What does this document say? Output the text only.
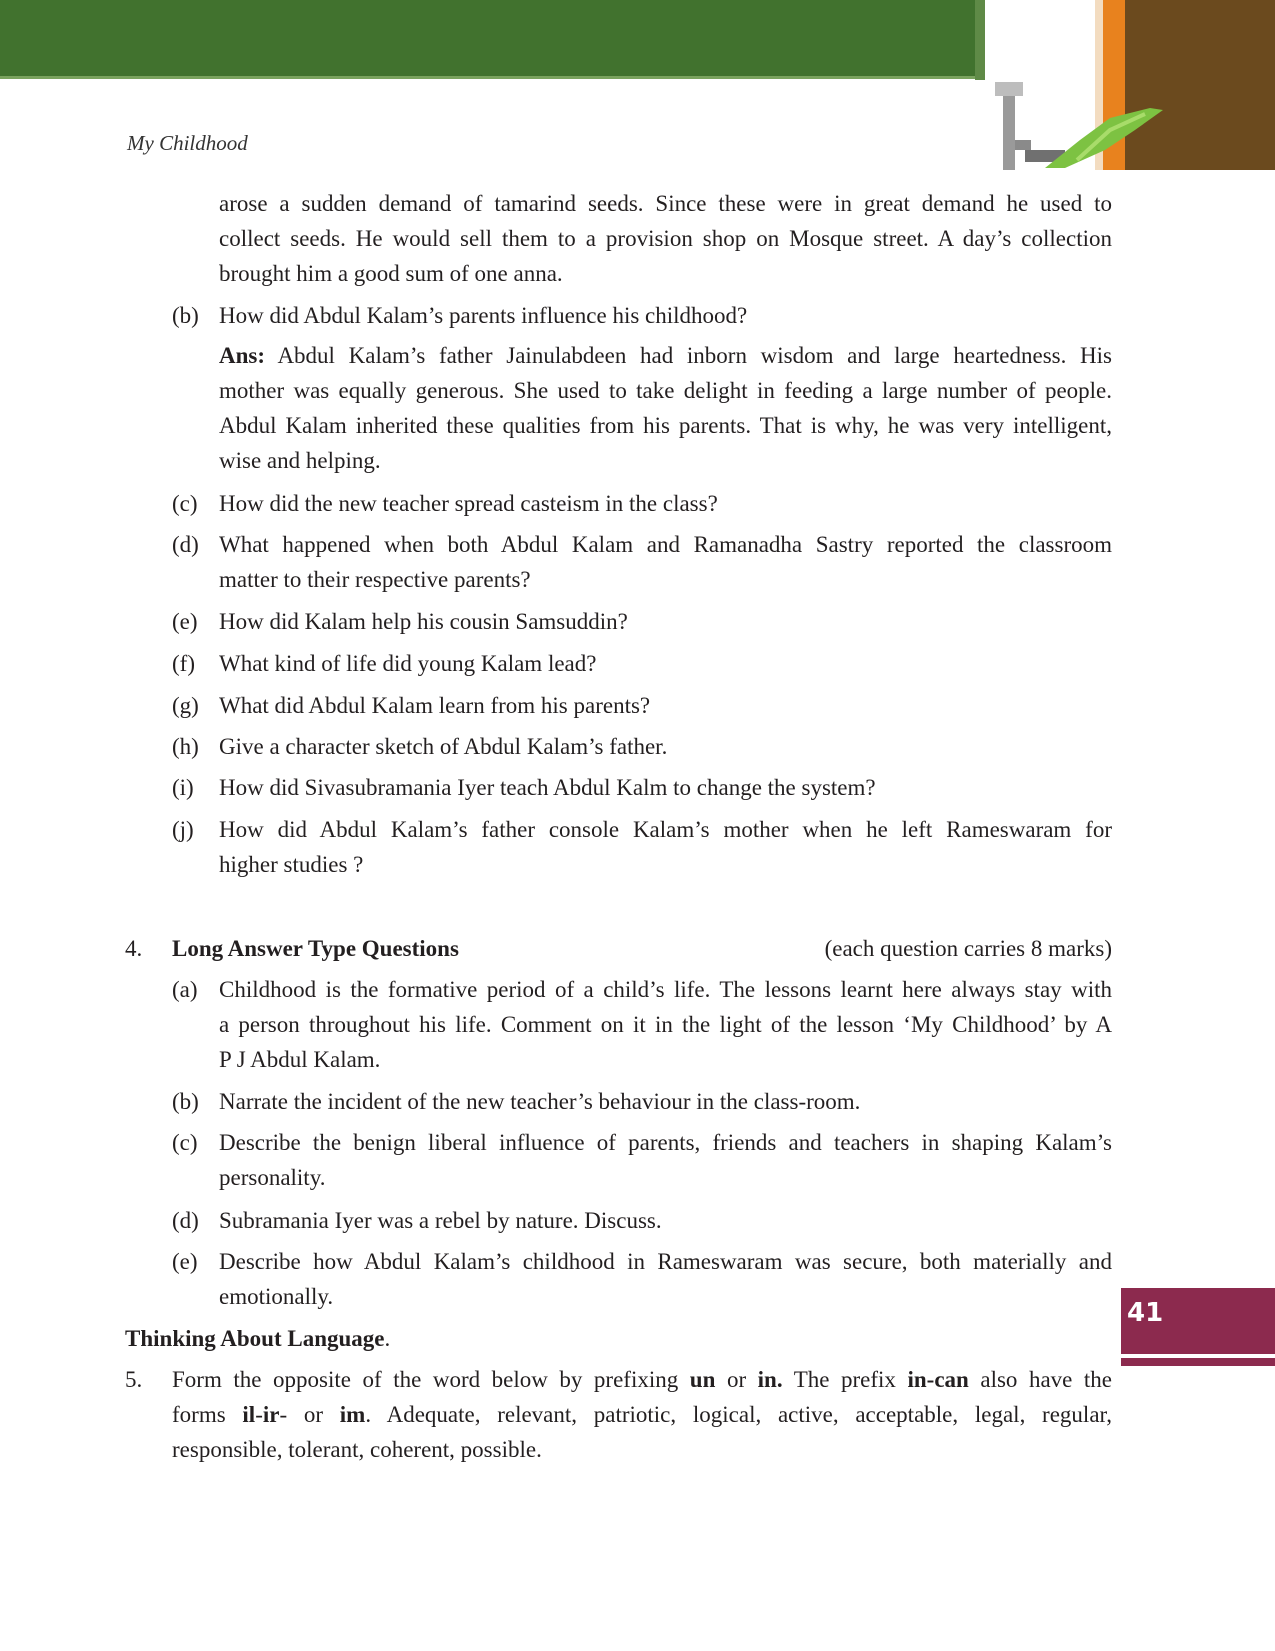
My Childhood
arose a sudden demand of tamarind seeds. Since these were in great demand he used to
collect seeds. He would sell them to a provision shop on Mosque street. A day’s collection
brought him a good sum of one anna.
(b) How did Abdul Kalam’s parents influence his childhood?
Ans: Abdul Kalam’s father Jainulabdeen had inborn wisdom and large heartedness. His
mother was equally generous. She used to take delight in feeding a large number of people.
Abdul Kalam inherited these qualities from his parents. That is why, he was very intelligent,
wise and helping.
(c) How did the new teacher spread casteism in the class?
(d) What happened when both Abdul Kalam and Ramanadha Sastry reported the classroom
matter to their respective parents?
(e) How did Kalam help his cousin Samsuddin?
(f) What kind of life did young Kalam lead?
(g) What did Abdul Kalam learn from his parents?
(h) Give a character sketch of Abdul Kalam’s father.
(i) How did Sivasubramania Iyer teach Abdul Kalm to change the system?
(j) How did Abdul Kalam’s father console Kalam’s mother when he left Rameswaram for
higher studies ?
4. Long Answer Type Questions	(each question carries 8 marks)
(a) Childhood is the formative period of a child’s life. The lessons learnt here always stay with
a person throughout his life. Comment on it in the light of the lesson ‘My Childhood’ by A
P J Abdul Kalam.
(b) Narrate the incident of the new teacher’s behaviour in the class-room.
(c) Describe the benign liberal influence of parents, friends and teachers in shaping Kalam’s
personality.
(d) Subramania Iyer was a rebel by nature. Discuss.
(e) Describe how Abdul Kalam’s childhood in Rameswaram was secure, both materially and
emotionally.
Thinking About Language.
5. Form the opposite of the word below by prefixing un or in. The prefix in-can also have the
forms il-ir- or im. Adequate, relevant, patriotic, logical, active, acceptable, legal, regular,
responsible, tolerant, coherent, possible.
41
